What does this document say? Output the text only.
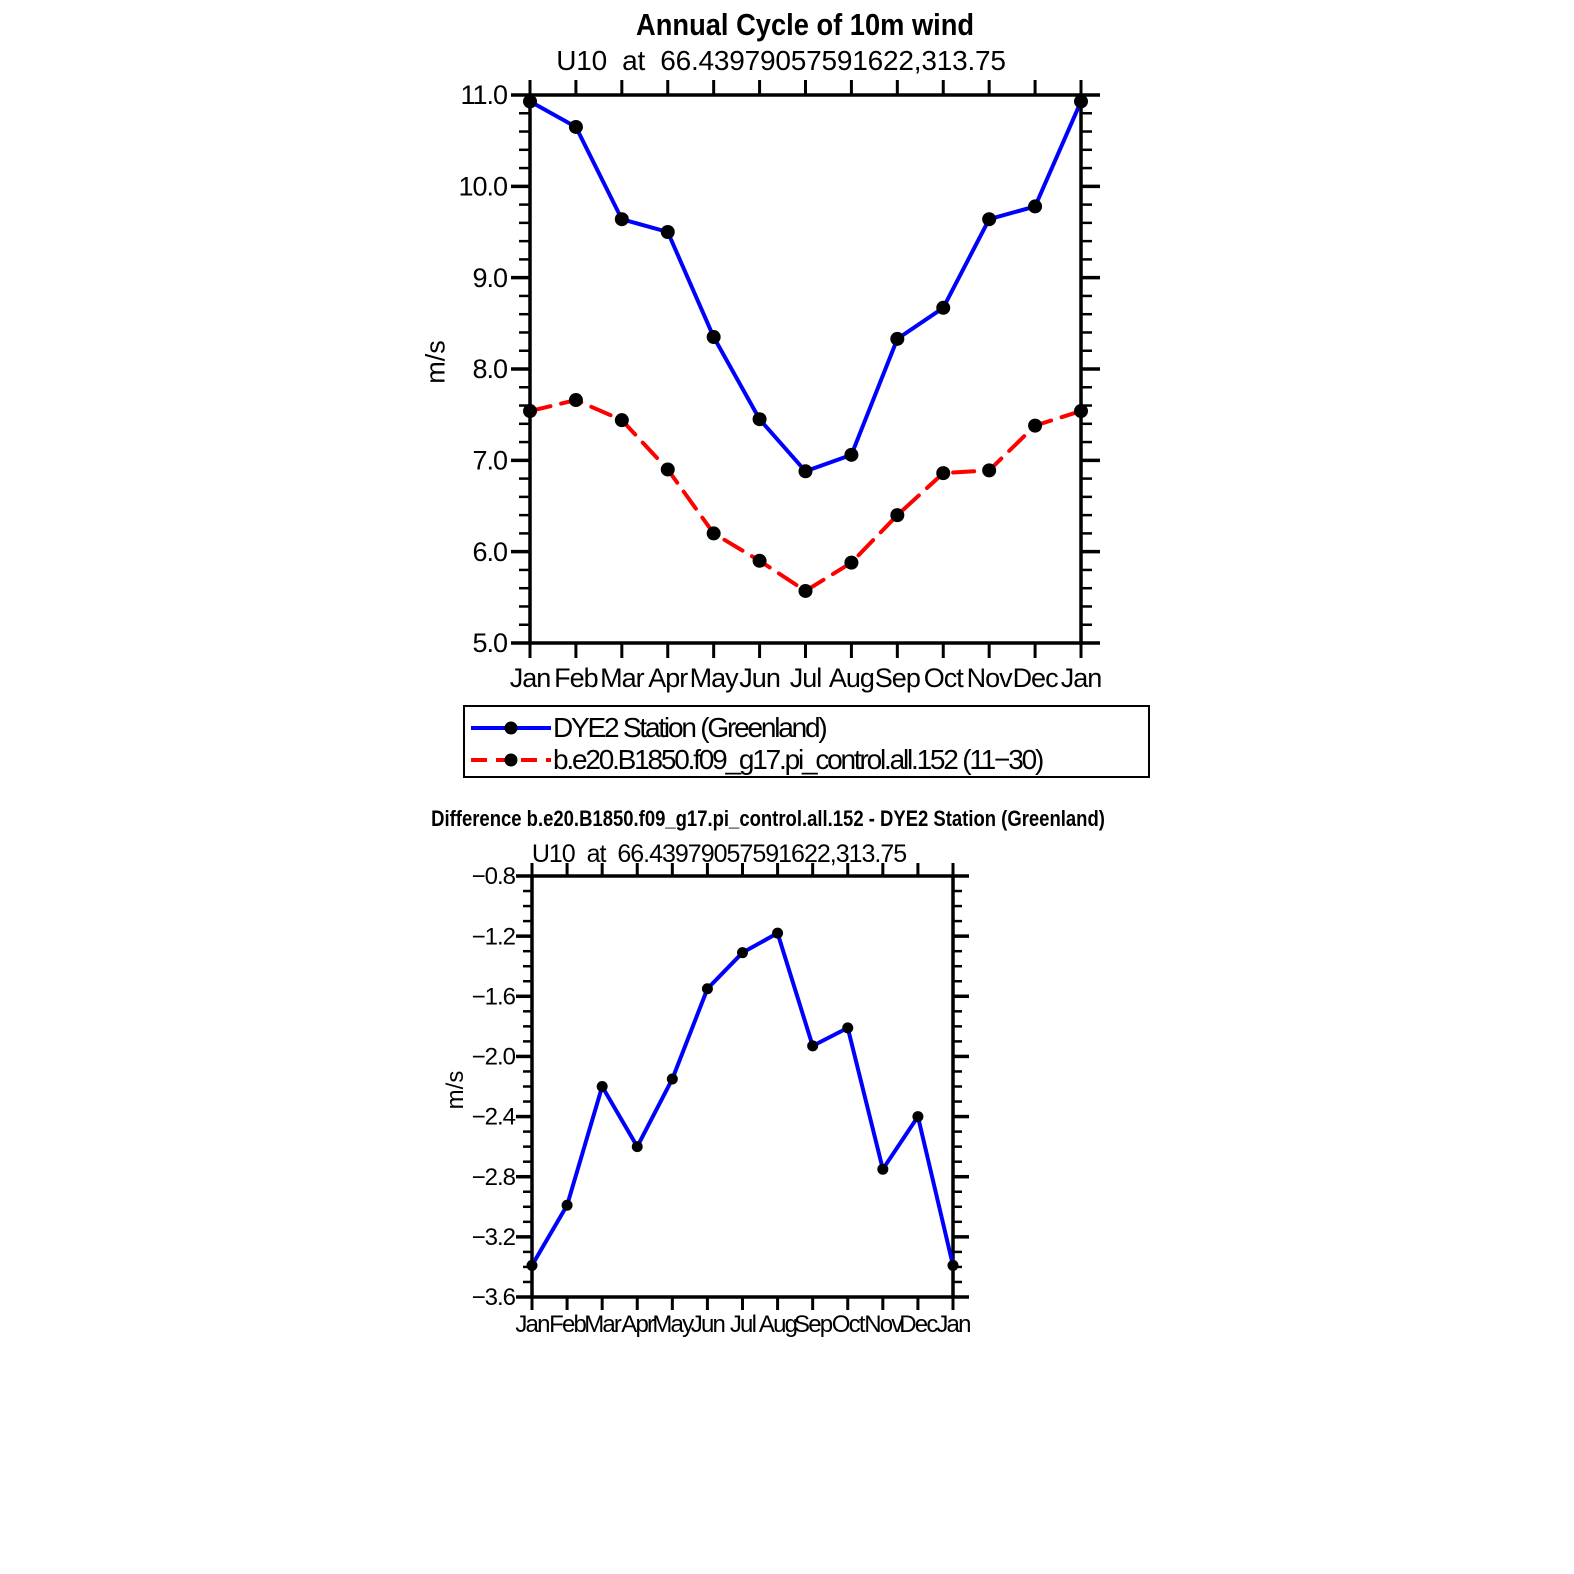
Jan Feb Mar Apr May Jun Jul Aug Sep Oct Nov Dec Jan
5.0
6.0
7.0
8.0
9.0
10.0
11.0
Jan Feb Mar Apr May
Jun Jul Aug
Sep Oct Nov
Dec Jan
−3.6
−3.2
−2.8
−2.4
−2.0
−1.6
−1.2
−0.8
Annual Cycle of 10m wind
U10  at  66.43979057591622,313.75
m/s
DYE2 Station (Greenland)
b.e20.B1850.f09_g17.pi_control.all.152 (11−30)
Difference b.e20.B1850.f09_g17.pi_control.all.152 - DYE2 Station (Greenland)
U10  at  66.43979057591622,313.75
m/s
